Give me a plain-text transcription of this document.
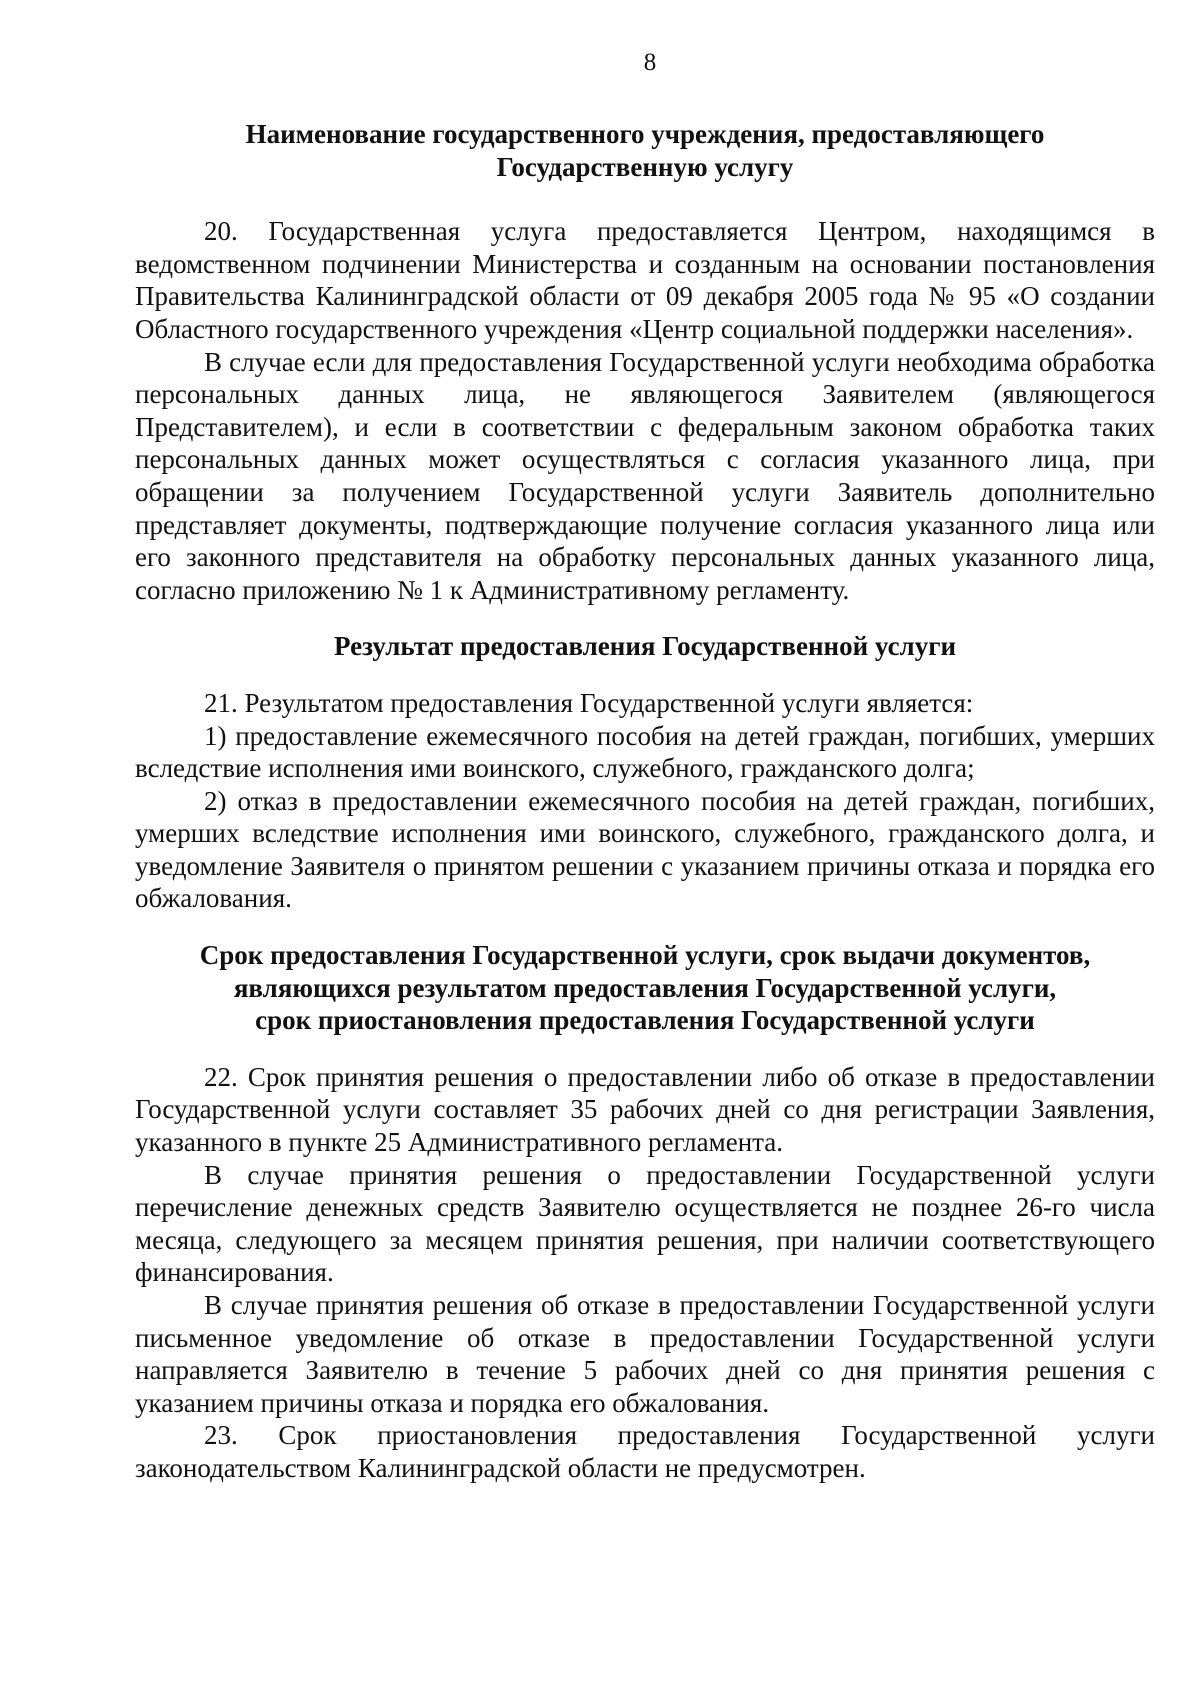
8
Наименование государственного учреждения, предоставляющего
Государственную услугу

20. Государственная услуга предоставляется Центром, находящимся в ведомственном подчинении Министерства и созданным на основании постановления Правительства Калининградской области от 09 декабря 2005 года № 95 «О создании Областного государственного учреждения «Центр социальной поддержки населения».

В случае если для предоставления Государственной услуги необходима обработка персональных данных лица, не являющегося Заявителем (являющегося Представителем), и если в соответствии с федеральным законом обработка таких персональных данных может осуществляться с согласия указанного лица, при обращении за получением Государственной услуги Заявитель дополнительно представляет документы, подтверждающие получение согласия указанного лица или его законного представителя на обработку персональных данных указанного лица, согласно приложению № 1 к Административному регламенту.

Результат предоставления Государственной услуги

21. Результатом предоставления Государственной услуги является:

1) предоставление ежемесячного пособия на детей граждан, погибших, умерших вследствие исполнения ими воинского, служебного, гражданского долга;

2) отказ в предоставлении ежемесячного пособия на детей граждан, погибших, умерших вследствие исполнения ими воинского, служебного, гражданского долга, и уведомление Заявителя о принятом решении с указанием причины отказа и порядка его обжалования.

Срок предоставления Государственной услуги, срок выдачи документов,
являющихся результатом предоставления Государственной услуги,
срок приостановления предоставления Государственной услуги

22. Срок принятия решения о предоставлении либо об отказе в предоставлении Государственной услуги составляет 35 рабочих дней со дня регистрации Заявления, указанного в пункте 25 Административного регламента.

В случае принятия решения о предоставлении Государственной услуги перечисление денежных средств Заявителю осуществляется не позднее 26-го числа месяца, следующего за месяцем принятия решения, при наличии соответствующего финансирования.

В случае принятия решения об отказе в предоставлении Государственной услуги письменное уведомление об отказе в предоставлении Государственной услуги направляется Заявителю в течение 5 рабочих дней со дня принятия решения с указанием причины отказа и порядка его обжалования.

23. Срок приостановления предоставления Государственной услуги законодательством Калининградской области не предусмотрен.
